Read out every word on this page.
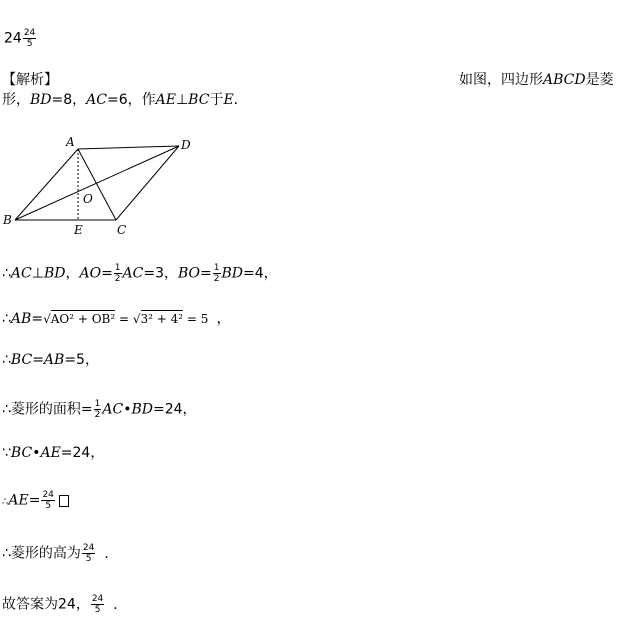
$24 \frac{24}{5}$
【解析】	如图，四边形ABCD是菱
形，BD=8，AC=6，作AE⊥BC于E．
A	D
O
B
E	C
∴AC⊥BD，$AO= \frac{1}{2} AC=3$，$BO= \frac{1}{2} BD=4$，
∴AB=√AO² + OB² = √3² + 4² = 5 ，
∴BC=AB=5，
∴菱形的面积= $\frac{1}{2}$ AC•BD=24，
∵BC•AE=24，
∴AE= $\frac{24}{5}$
∴菱形的高为 $\frac{24}{5}$ ．
故答案为24， $\frac{24}{5}$ ．
